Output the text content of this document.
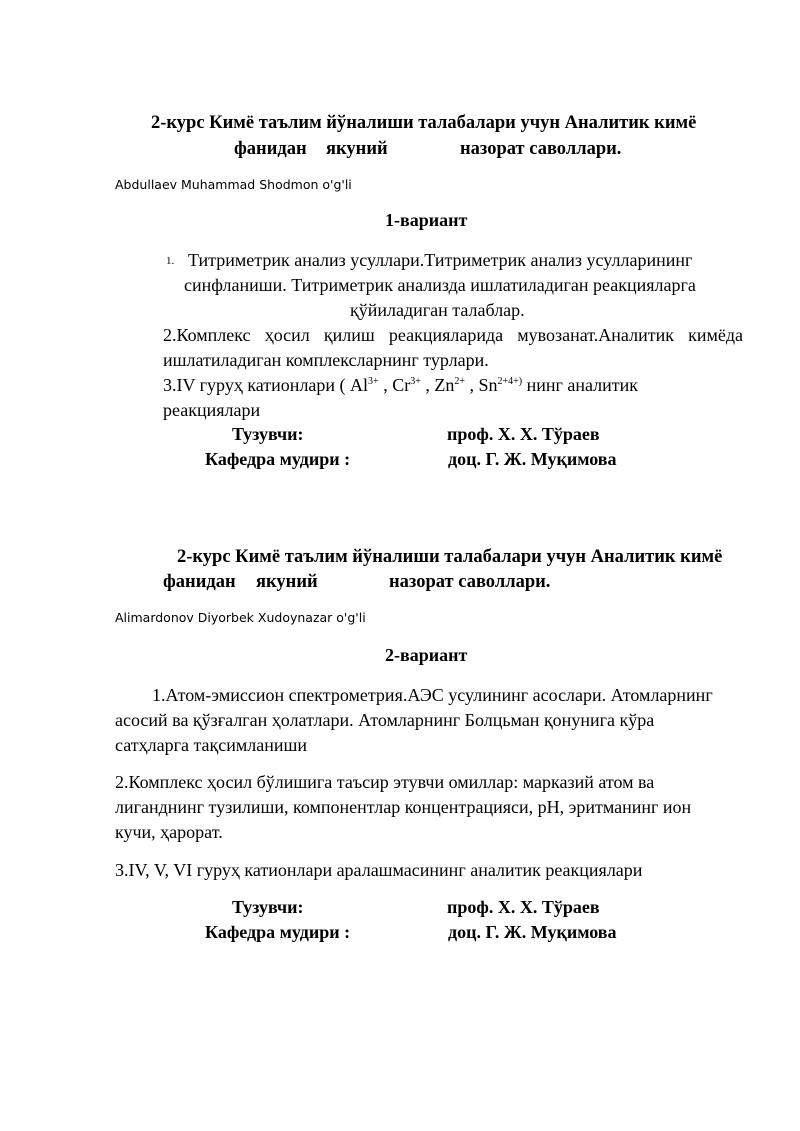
2-курс Кимё таълим йўналиши талабалари учун Аналитик кимё
фанидан якуний	назорат саволлари.
Abdullaev Muhammad Shodmon o'g'li
1-вариант
1. Титриметрик анализ усуллари.Титриметрик анализ усулларининг
синфланиши. Титриметрик анализда ишлатиладиган реакцияларга
қўйиладиган талаблар.
2.Комплекс ҳосил қилиш реакцияларида мувозанат.Аналитик кимёда
ишлатиладиган комплексларнинг турлари.
3.IV гуруҳ катионлари ( $Al^{3+}$ , $Cr^{3+}$ , $Zn^{2+}$ , $Sn^{2+4+)}$ нинг аналитик
реакциялари
Тузувчи:	проф. Х. Х. Тўраев
Кафедра мудири :	доц. Г. Ж. Муқимова
2-курс Кимё таълим йўналиши талабалари учун Аналитик кимё
фанидан якуний	назорат саволлари.
Alimardonov Diyorbek Xudoynazar o'g'li
2-вариант
1.Атом-эмиссион спектрометрия.АЭС усулининг асослари. Атомларнинг
асосий ва қўзғалган ҳолатлари. Атомларнинг Болцьман қонунига кўра
сатҳларга тақсимланиши
2.Комплекс ҳосил бўлишига таъсир этувчи омиллар: марказий атом ва
лиганднинг тузилиши, компонентлар концентрацияси, pH, эритманинг ион
кучи, ҳарорат.
3.IV, V, VI гуруҳ катионлари аралашмасининг аналитик реакциялари
Тузувчи:	проф. Х. Х. Тўраев
Кафедра мудири :	доц. Г. Ж. Муқимова
